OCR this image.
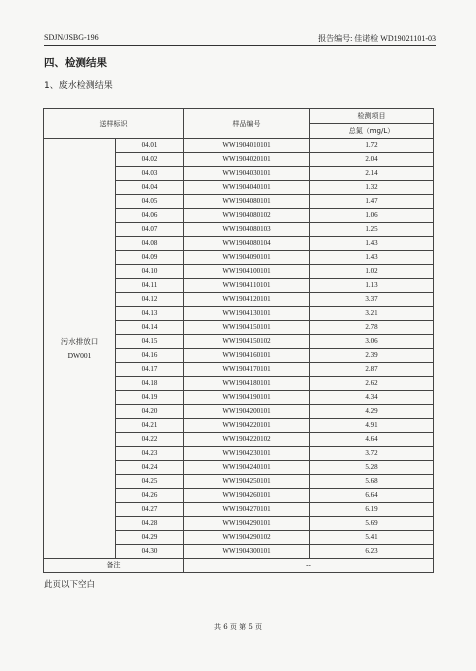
SDJN/JSBG-196	报告编号: 佳诺检 WD19021101-03
四、检测结果
1、废水检测结果
送样标识		样品编号	检测项目
			总氮（mg/L）

污水排放口
DW001	04.01	WW1904010101	1.72
	04.02	WW1904020101	2.04
	04.03	WW1904030101	2.14
	04.04	WW1904040101	1.32
	04.05	WW1904080101	1.47
	04.06	WW1904080102	1.06
	04.07	WW1904080103	1.25
	04.08	WW1904080104	1.43
	04.09	WW1904090101	1.43
	04.10	WW1904100101	1.02
	04.11	WW1904110101	1.13
	04.12	WW1904120101	3.37
	04.13	WW1904130101	3.21
	04.14	WW1904150101	2.78
	04.15	WW1904150102	3.06
	04.16	WW1904160101	2.39
	04.17	WW1904170101	2.87
	04.18	WW1904180101	2.62
	04.19	WW1904190101	4.34
	04.20	WW1904200101	4.29
	04.21	WW1904220101	4.91
	04.22	WW1904220102	4.64
	04.23	WW1904230101	3.72
	04.24	WW1904240101	5.28
	04.25	WW1904250101	5.68
	04.26	WW1904260101	6.64
	04.27	WW1904270101	6.19
	04.28	WW1904290101	5.69
	04.29	WW1904290102	5.41
	04.30	WW1904300101	6.23
备注		--	
此页以下空白
共 6 页 第 5 页
